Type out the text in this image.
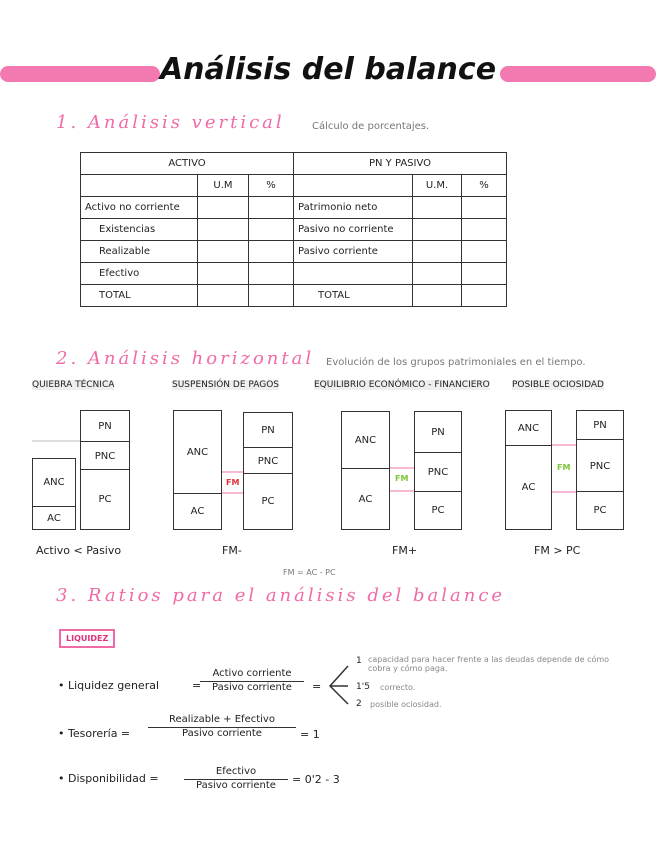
Análisis del balance
1. Análisis vertical	Cálculo de porcentajes.
ACTIVO			PN Y PASIVO		
	U.M	%		U.M.	%
Activo no corriente			Patrimonio neto		
Existencias			Pasivo no corriente		
Realizable			Pasivo corriente		
Efectivo					
TOTAL			TOTAL		
2. Análisis horizontal Evolución de los grupos patrimoniales en el tiempo.
QUIEBRA TÉCNICA
ANC
AC
PN
PNC
PC
Activo < Pasivo
SUSPENSIÓN DE PAGOS
ANC
AC
PN
PNC
PC
FM
FM-
EQUILIBRIO ECONÓMICO - FINANCIERO
ANC
AC
PN
PNC
PC
FM
FM+
POSIBLE OCIOSIDAD
ANC
AC
PN
PNC
PC
FM
FM > PC
FM = AC - PC
3. Ratios para el análisis del balance
LIQUIDEZ
• Liquidez general	=
Activo corriente
Pasivo corriente	=
1 capacidad para hacer frente a las deudas depende de cómo cobra y cómo paga.
1'5 correcto.
2 posible ociosidad.
• Tesorería =
Realizable + Efectivo
Pasivo corriente	= 1
• Disponibilidad =
Efectivo
Pasivo corriente	= 0'2 - 3
